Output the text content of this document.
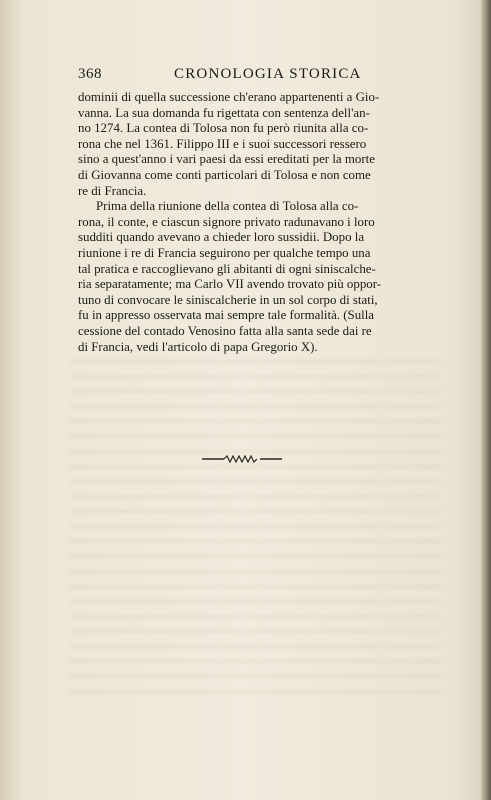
368	CRONOLOGIA STORICA
dominii di quella successione ch'erano appartenenti a Gio-
vanna. La sua domanda fu rigettata con sentenza dell'an-
no 1274. La contea di Tolosa non fu però riunita alla co-
rona che nel 1361. Filippo III e i suoi successori ressero
sino a quest'anno i vari paesi da essi ereditati per la morte
di Giovanna come conti particolari di Tolosa e non come
re di Francia.
Prima della riunione della contea di Tolosa alla co-
rona, il conte, e ciascun signore privato radunavano i loro
sudditi quando avevano a chieder loro sussidii. Dopo la
riunione i re di Francia seguirono per qualche tempo una
tal pratica e raccoglievano gli abitanti di ogni siniscalche-
ria separatamente; ma Carlo VII avendo trovato più oppor-
tuno di convocare le siniscalcherie in un sol corpo di stati,
fu in appresso osservata mai sempre tale formalità. (Sulla
cessione del contado Venosino fatta alla santa sede dai re
di Francia, vedi l'articolo di papa Gregorio X).
